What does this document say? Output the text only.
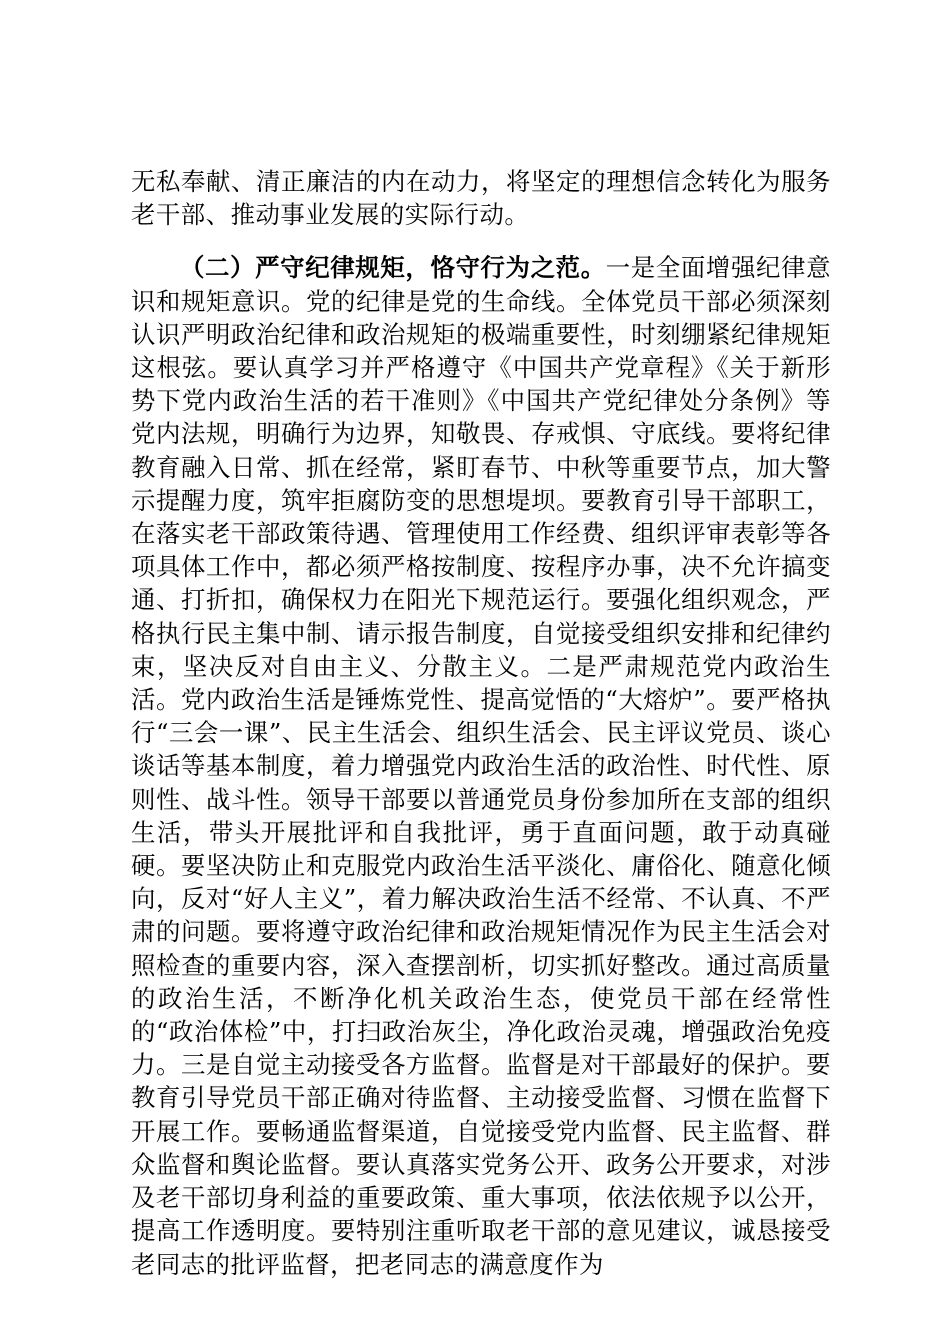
无私奉献、清正廉洁的内在动力，将坚定的理想信念转化为服务老干部、推动事业发展的实际行动。

（二）严守纪律规矩，恪守行为之范。一是全面增强纪律意识和规矩意识。党的纪律是党的生命线。全体党员干部必须深刻认识严明政治纪律和政治规矩的极端重要性，时刻绷紧纪律规矩这根弦。要认真学习并严格遵守《中国共产党章程》《关于新形势下党内政治生活的若干准则》《中国共产党纪律处分条例》等党内法规，明确行为边界，知敬畏、存戒惧、守底线。要将纪律教育融入日常、抓在经常，紧盯春节、中秋等重要节点，加大警示提醒力度，筑牢拒腐防变的思想堤坝。要教育引导干部职工，在落实老干部政策待遇、管理使用工作经费、组织评审表彰等各项具体工作中，都必须严格按制度、按程序办事，决不允许搞变通、打折扣，确保权力在阳光下规范运行。要强化组织观念，严格执行民主集中制、请示报告制度，自觉接受组织安排和纪律约束，坚决反对自由主义、分散主义。二是严肃规范党内政治生活。党内政治生活是锤炼党性、提高觉悟的“大熔炉”。要严格执行“三会一课”、民主生活会、组织生活会、民主评议党员、谈心谈话等基本制度，着力增强党内政治生活的政治性、时代性、原则性、战斗性。领导干部要以普通党员身份参加所在支部的组织生活，带头开展批评和自我批评，勇于直面问题，敢于动真碰硬。要坚决防止和克服党内政治生活平淡化、庸俗化、随意化倾向，反对“好人主义”，着力解决政治生活不经常、不认真、不严肃的问题。要将遵守政治纪律和政治规矩情况作为民主生活会对照检查的重要内容，深入查摆剖析，切实抓好整改。通过高质量的政治生活，不断净化机关政治生态，使党员干部在经常性的“政治体检”中，打扫政治灰尘，净化政治灵魂，增强政治免疫力。三是自觉主动接受各方监督。监督是对干部最好的保护。要教育引导党员干部正确对待监督、主动接受监督、习惯在监督下开展工作。要畅通监督渠道，自觉接受党内监督、民主监督、群众监督和舆论监督。要认真落实党务公开、政务公开要求，对涉及老干部切身利益的重要政策、重大事项，依法依规予以公开，提高工作透明度。要特别注重听取老干部的意见建议，诚恳接受老同志的批评监督，把老同志的满意度作为
